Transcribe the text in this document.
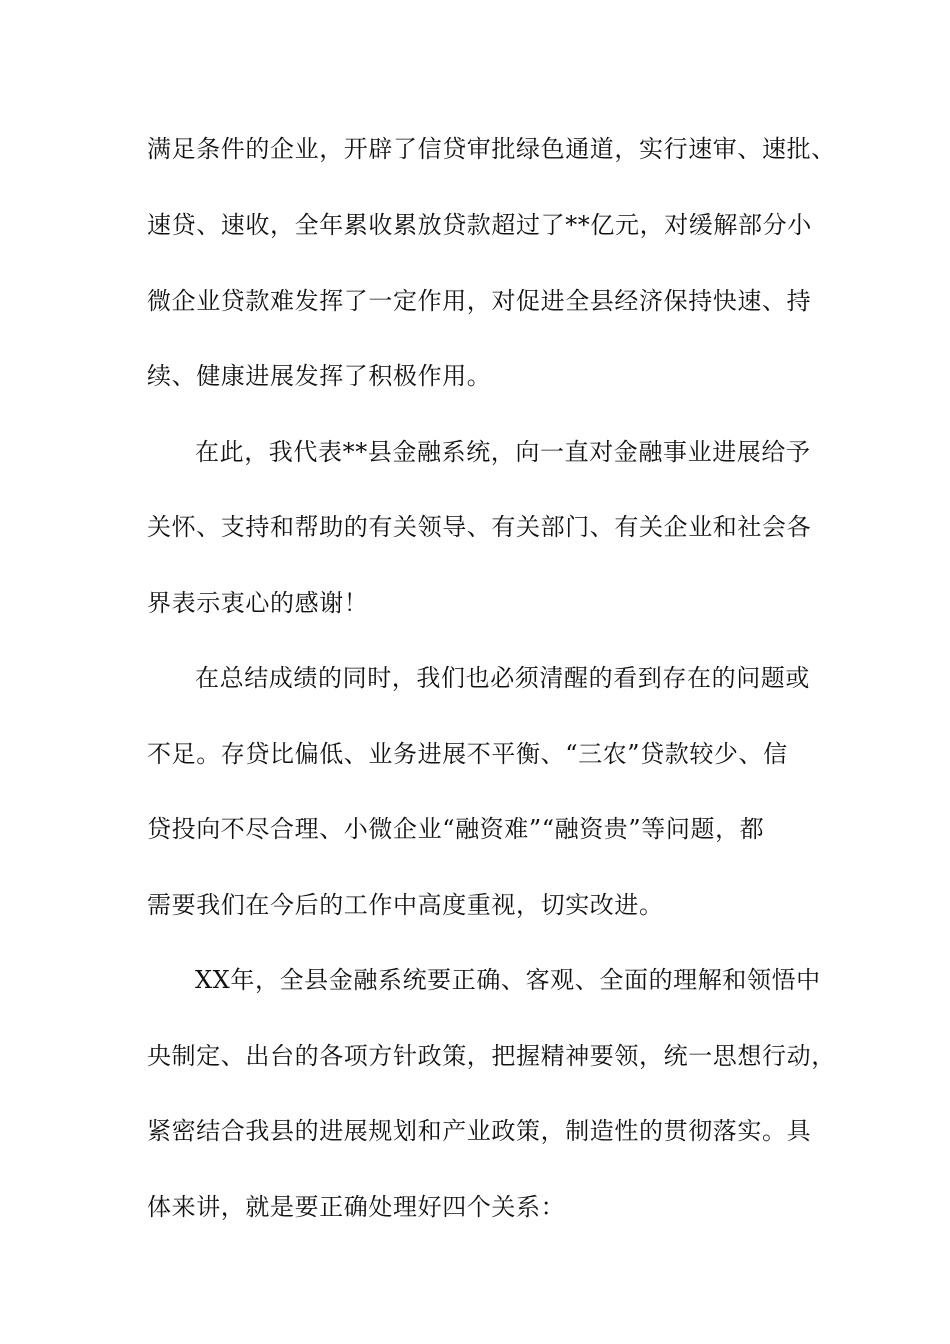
满足条件的企业，开辟了信贷审批绿色通道，实行速审、速批、
速贷、速收，全年累收累放贷款超过了**亿元，对缓解部分小
微企业贷款难发挥了一定作用，对促进全县经济保持快速、持
续、健康进展发挥了积极作用。
在此，我代表**县金融系统，向一直对金融事业进展给予
关怀、支持和帮助的有关领导、有关部门、有关企业和社会各
界表示衷心的感谢！
在总结成绩的同时，我们也必须清醒的看到存在的问题或
不足。存贷比偏低、业务进展不平衡、“三农”贷款较少、信
贷投向不尽合理、小微企业“融资难”“融资贵”等问题，都
需要我们在今后的工作中高度重视，切实改进。
XX年，全县金融系统要正确、客观、全面的理解和领悟中
央制定、出台的各项方针政策，把握精神要领，统一思想行动，
紧密结合我县的进展规划和产业政策，制造性的贯彻落实。具
体来讲，就是要正确处理好四个关系：
